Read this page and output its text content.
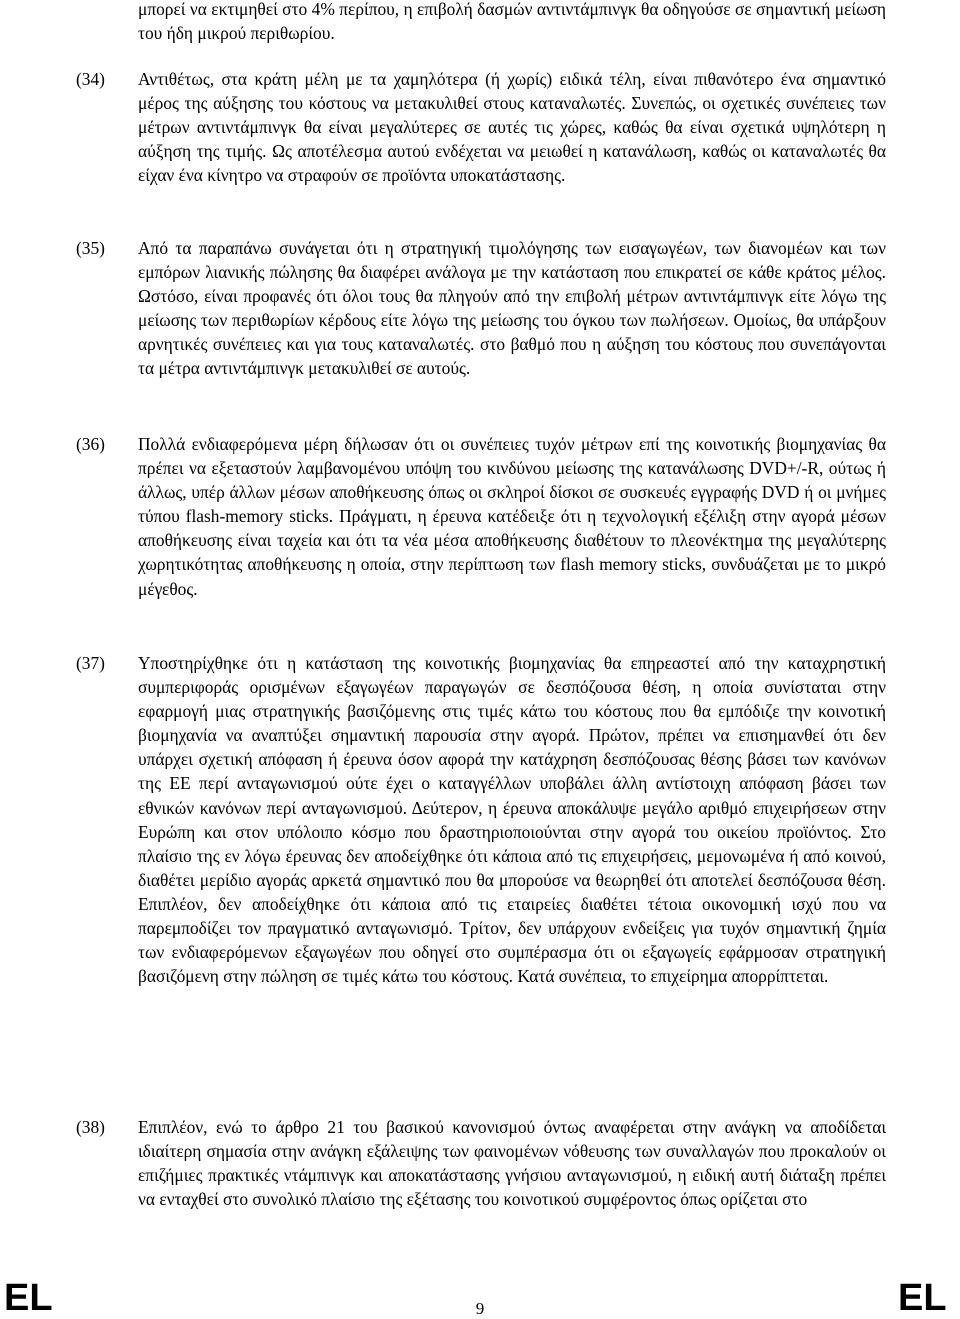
μπορεί να εκτιμηθεί στο 4% περίπου, η επιβολή δασμών αντιντάμπινγκ θα οδηγούσε σε σημαντική μείωση του ήδη μικρού περιθωρίου.

(34) Αντιθέτως, στα κράτη μέλη με τα χαμηλότερα (ή χωρίς) ειδικά τέλη, είναι πιθανότερο ένα σημαντικό μέρος της αύξησης του κόστους να μετακυλιθεί στους καταναλωτές. Συνεπώς, οι σχετικές συνέπειες των μέτρων αντιντάμπινγκ θα είναι μεγαλύτερες σε αυτές τις χώρες, καθώς θα είναι σχετικά υψηλότερη η αύξηση της τιμής. Ως αποτέλεσμα αυτού ενδέχεται να μειωθεί η κατανάλωση, καθώς οι καταναλωτές θα είχαν ένα κίνητρο να στραφούν σε προϊόντα υποκατάστασης.

(35) Από τα παραπάνω συνάγεται ότι η στρατηγική τιμολόγησης των εισαγωγέων, των διανομέων και των εμπόρων λιανικής πώλησης θα διαφέρει ανάλογα με την κατάσταση που επικρατεί σε κάθε κράτος μέλος. Ωστόσο, είναι προφανές ότι όλοι τους θα πληγούν από την επιβολή μέτρων αντιντάμπινγκ είτε λόγω της μείωσης των περιθωρίων κέρδους είτε λόγω της μείωσης του όγκου των πωλήσεων. Ομοίως, θα υπάρξουν αρνητικές συνέπειες και για τους καταναλωτές. στο βαθμό που η αύξηση του κόστους που συνεπάγονται τα μέτρα αντιντάμπινγκ μετακυλιθεί σε αυτούς.

(36) Πολλά ενδιαφερόμενα μέρη δήλωσαν ότι οι συνέπειες τυχόν μέτρων επί της κοινοτικής βιομηχανίας θα πρέπει να εξεταστούν λαμβανομένου υπόψη του κινδύνου μείωσης της κατανάλωσης DVD+/-R, ούτως ή άλλως, υπέρ άλλων μέσων αποθήκευσης όπως οι σκληροί δίσκοι σε συσκευές εγγραφής DVD ή οι μνήμες τύπου flash-memory sticks. Πράγματι, η έρευνα κατέδειξε ότι η τεχνολογική εξέλιξη στην αγορά μέσων αποθήκευσης είναι ταχεία και ότι τα νέα μέσα αποθήκευσης διαθέτουν το πλεονέκτημα της μεγαλύτερης χωρητικότητας αποθήκευσης η οποία, στην περίπτωση των flash memory sticks, συνδυάζεται με το μικρό μέγεθος.

(37) Υποστηρίχθηκε ότι η κατάσταση της κοινοτικής βιομηχανίας θα επηρεαστεί από την καταχρηστική συμπεριφοράς ορισμένων εξαγωγέων παραγωγών σε δεσπόζουσα θέση, η οποία συνίσταται στην εφαρμογή μιας στρατηγικής βασιζόμενης στις τιμές κάτω του κόστους που θα εμπόδιζε την κοινοτική βιομηχανία να αναπτύξει σημαντική παρουσία στην αγορά. Πρώτον, πρέπει να επισημανθεί ότι δεν υπάρχει σχετική απόφαση ή έρευνα όσον αφορά την κατάχρηση δεσπόζουσας θέσης βάσει των κανόνων της ΕΕ περί ανταγωνισμού ούτε έχει ο καταγγέλλων υποβάλει άλλη αντίστοιχη απόφαση βάσει των εθνικών κανόνων περί ανταγωνισμού. Δεύτερον, η έρευνα αποκάλυψε μεγάλο αριθμό επιχειρήσεων στην Ευρώπη και στον υπόλοιπο κόσμο που δραστηριοποιούνται στην αγορά του οικείου προϊόντος. Στο πλαίσιο της εν λόγω έρευνας δεν αποδείχθηκε ότι κάποια από τις επιχειρήσεις, μεμονωμένα ή από κοινού, διαθέτει μερίδιο αγοράς αρκετά σημαντικό που θα μπορούσε να θεωρηθεί ότι αποτελεί δεσπόζουσα θέση. Επιπλέον, δεν αποδείχθηκε ότι κάποια από τις εταιρείες διαθέτει τέτοια οικονομική ισχύ που να παρεμποδίζει τον πραγματικό ανταγωνισμό. Τρίτον, δεν υπάρχουν ενδείξεις για τυχόν σημαντική ζημία των ενδιαφερόμενων εξαγωγέων που οδηγεί στο συμπέρασμα ότι οι εξαγωγείς εφάρμοσαν στρατηγική βασιζόμενη στην πώληση σε τιμές κάτω του κόστους. Κατά συνέπεια, το επιχείρημα απορρίπτεται.

(38) Επιπλέον, ενώ το άρθρο 21 του βασικού κανονισμού όντως αναφέρεται στην ανάγκη να αποδίδεται ιδιαίτερη σημασία στην ανάγκη εξάλειψης των φαινομένων νόθευσης των συναλλαγών που προκαλούν οι επιζήμιες πρακτικές ντάμπινγκ και αποκατάστασης γνήσιου ανταγωνισμού, η ειδική αυτή διάταξη πρέπει να ενταχθεί στο συνολικό πλαίσιο της εξέτασης του κοινοτικού συμφέροντος όπως ορίζεται στο

EL	9	EL
